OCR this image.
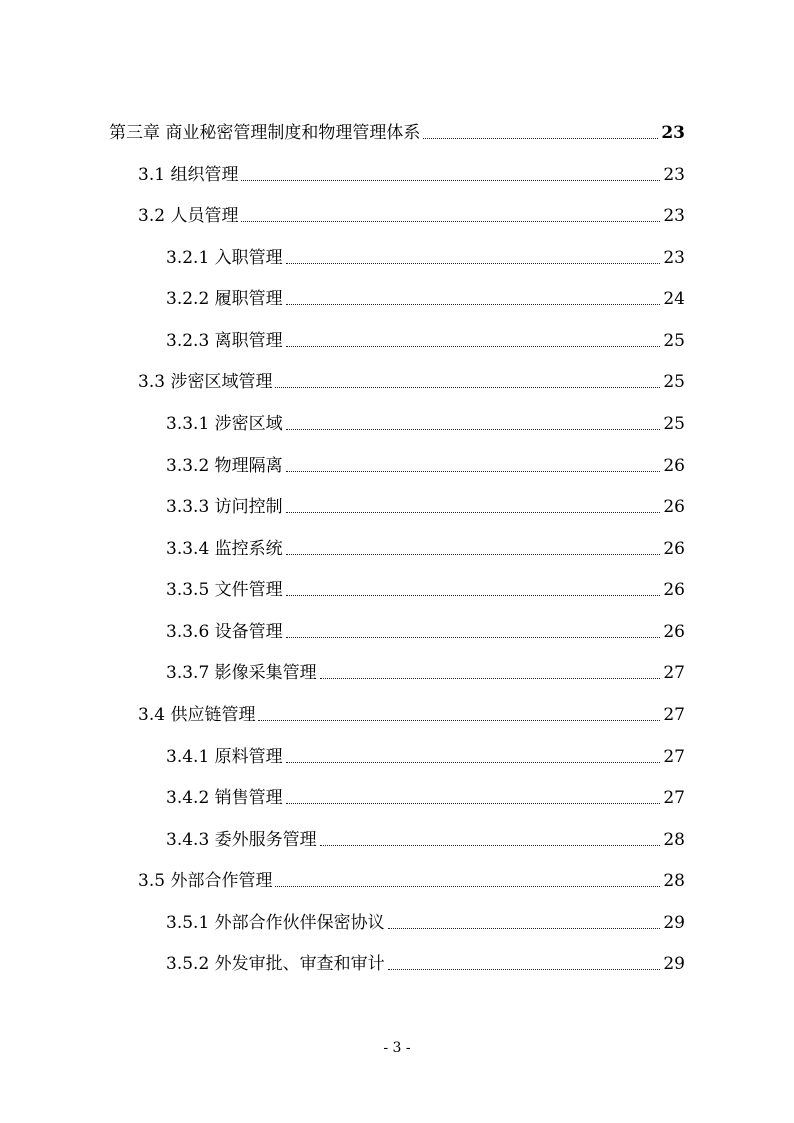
第三章 商业秘密管理制度和物理管理体系	23
3.1 组织管理	23
3.2 人员管理	23
3.2.1 入职管理	23
3.2.2 履职管理	24
3.2.3 离职管理	25
3.3 涉密区域管理	25
3.3.1 涉密区域	25
3.3.2 物理隔离	26
3.3.3 访问控制	26
3.3.4 监控系统	26
3.3.5 文件管理	26
3.3.6 设备管理	26
3.3.7 影像采集管理	27
3.4 供应链管理	27
3.4.1 原料管理	27
3.4.2 销售管理	27
3.4.3 委外服务管理	28
3.5 外部合作管理	28
3.5.1 外部合作伙伴保密协议	29
3.5.2 外发审批、审查和审计	29
- 3 -
